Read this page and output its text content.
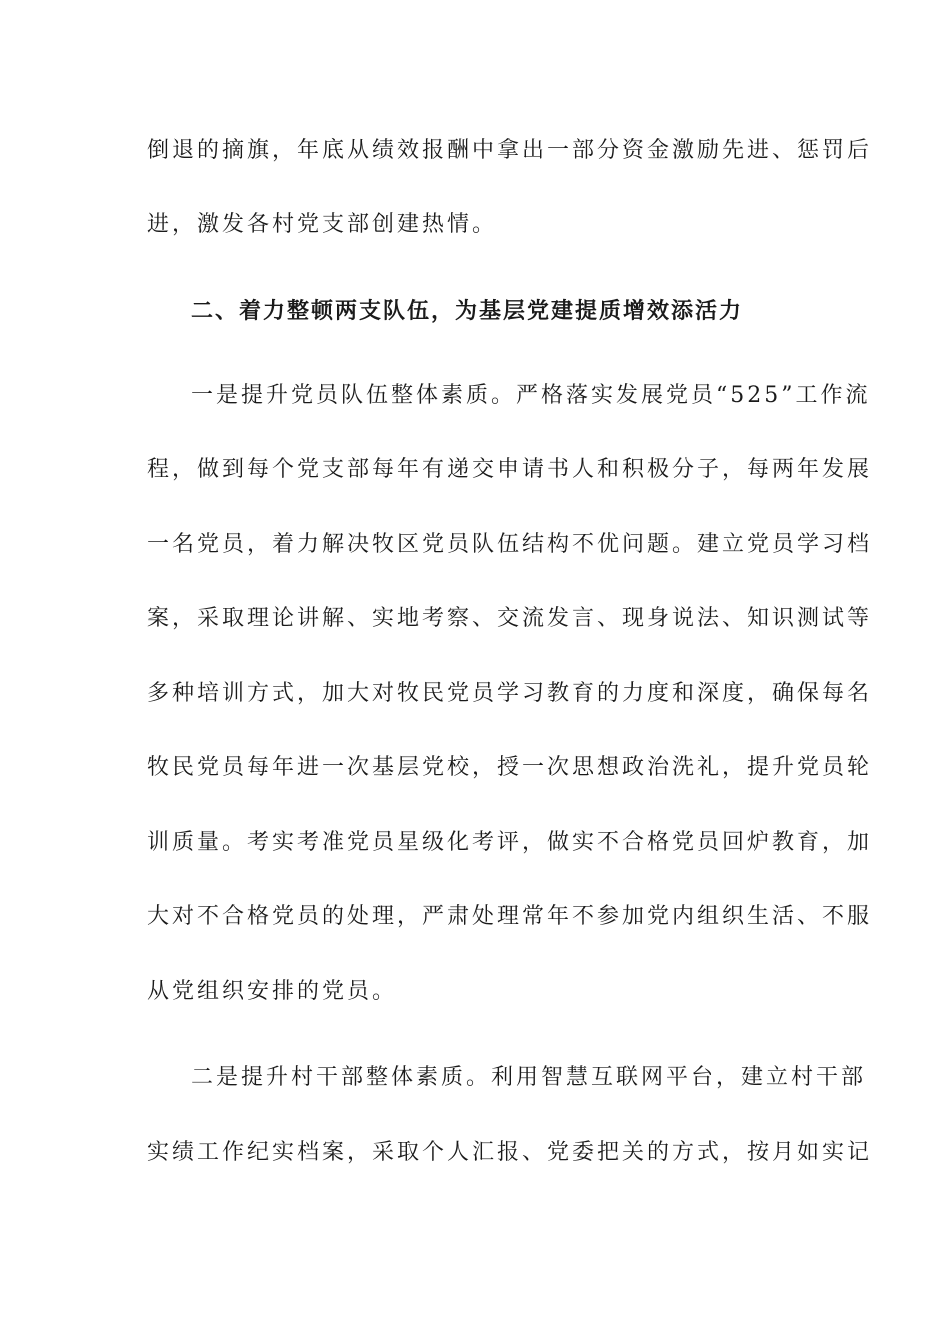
倒退的摘旗，年底从绩效报酬中拿出一部分资金激励先进、惩罚后
进，激发各村党支部创建热情。
二、着力整顿两支队伍，为基层党建提质增效添活力
一是提升党员队伍整体素质。严格落实发展党员“525”工作流
程，做到每个党支部每年有递交申请书人和积极分子，每两年发展
一名党员，着力解决牧区党员队伍结构不优问题。建立党员学习档
案，采取理论讲解、实地考察、交流发言、现身说法、知识测试等
多种培训方式，加大对牧民党员学习教育的力度和深度，确保每名
牧民党员每年进一次基层党校，授一次思想政治洗礼，提升党员轮
训质量。考实考准党员星级化考评，做实不合格党员回炉教育，加
大对不合格党员的处理，严肃处理常年不参加党内组织生活、不服
从党组织安排的党员。
二是提升村干部整体素质。利用智慧互联网平台，建立村干部
实绩工作纪实档案，采取个人汇报、党委把关的方式，按月如实记
